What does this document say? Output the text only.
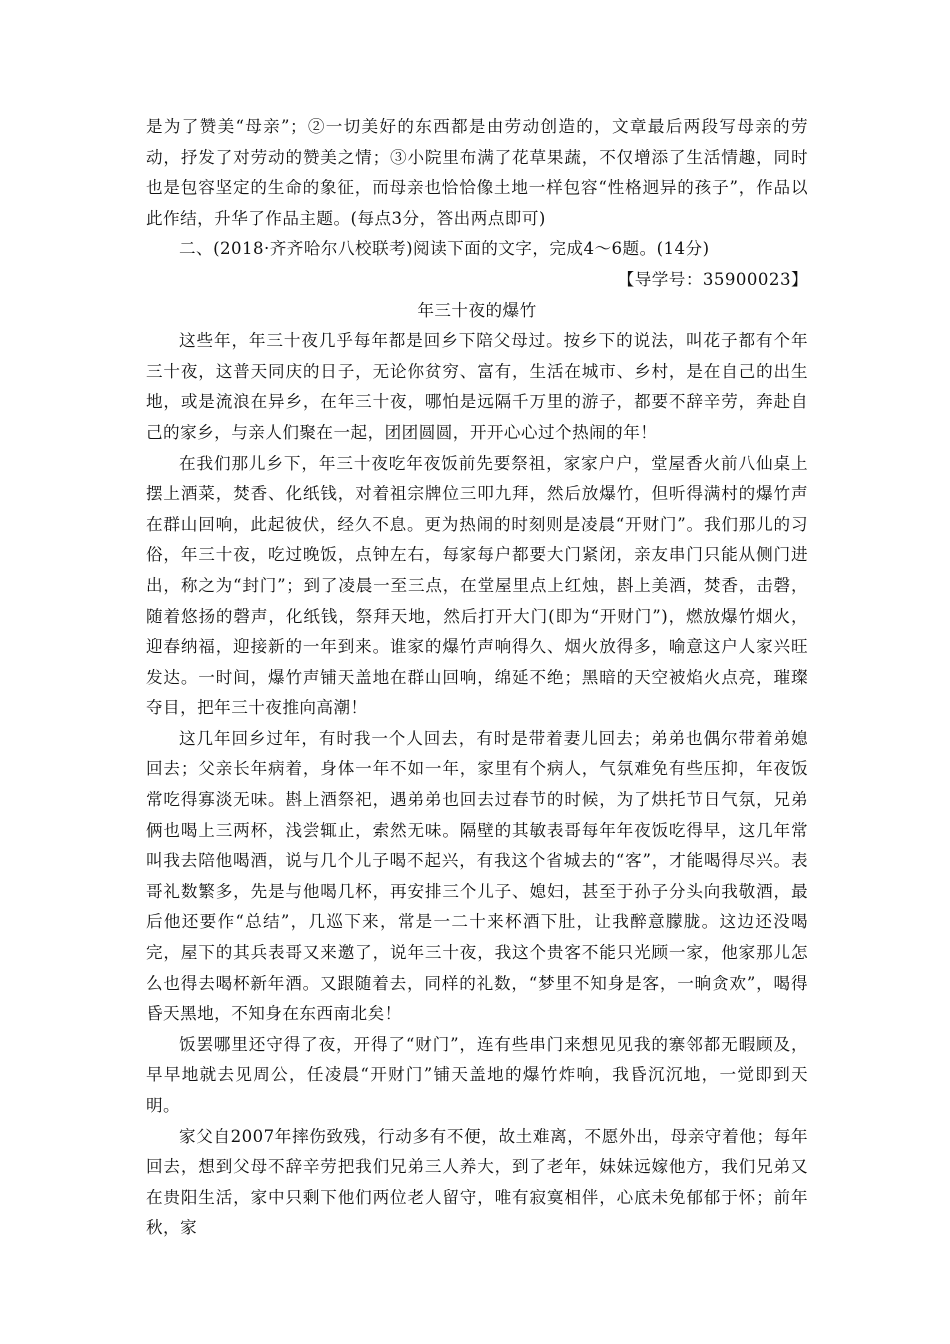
是为了赞美“母亲”；②一切美好的东西都是由劳动创造的，文章最后两段写母亲的劳动，抒发了对劳动的赞美之情；③小院里布满了花草果蔬，不仅增添了生活情趣，同时也是包容坚定的生命的象征，而母亲也恰恰像土地一样包容“性格迥异的孩子”，作品以此作结，升华了作品主题。(每点3分，答出两点即可)

二、(2018·齐齐哈尔八校联考)阅读下面的文字，完成4～6题。(14分)

【导学号：35900023】

年三十夜的爆竹

这些年，年三十夜几乎每年都是回乡下陪父母过。按乡下的说法，叫花子都有个年三十夜，这普天同庆的日子，无论你贫穷、富有，生活在城市、乡村，是在自己的出生地，或是流浪在异乡，在年三十夜，哪怕是远隔千万里的游子，都要不辞辛劳，奔赴自己的家乡，与亲人们聚在一起，团团圆圆，开开心心过个热闹的年！

在我们那儿乡下，年三十夜吃年夜饭前先要祭祖，家家户户，堂屋香火前八仙桌上摆上酒菜，焚香、化纸钱，对着祖宗牌位三叩九拜，然后放爆竹，但听得满村的爆竹声在群山回响，此起彼伏，经久不息。更为热闹的时刻则是凌晨“开财门”。我们那儿的习俗，年三十夜，吃过晚饭，点钟左右，每家每户都要大门紧闭，亲友串门只能从侧门进出，称之为“封门”；到了凌晨一至三点，在堂屋里点上红烛，斟上美酒，焚香，击磬，随着悠扬的磬声，化纸钱，祭拜天地，然后打开大门(即为“开财门”)，燃放爆竹烟火，迎春纳福，迎接新的一年到来。谁家的爆竹声响得久、烟火放得多，喻意这户人家兴旺发达。一时间，爆竹声铺天盖地在群山回响，绵延不绝；黑暗的天空被焰火点亮，璀璨夺目，把年三十夜推向高潮！

这几年回乡过年，有时我一个人回去，有时是带着妻儿回去；弟弟也偶尔带着弟媳回去；父亲长年病着，身体一年不如一年，家里有个病人，气氛难免有些压抑，年夜饭常吃得寡淡无味。斟上酒祭祀，遇弟弟也回去过春节的时候，为了烘托节日气氛，兄弟俩也喝上三两杯，浅尝辄止，索然无味。隔壁的其敏表哥每年年夜饭吃得早，这几年常叫我去陪他喝酒，说与几个儿子喝不起兴，有我这个省城去的“客”，才能喝得尽兴。表哥礼数繁多，先是与他喝几杯，再安排三个儿子、媳妇，甚至于孙子分头向我敬酒，最后他还要作“总结”，几巡下来，常是一二十来杯酒下肚，让我醉意朦胧。这边还没喝完，屋下的其兵表哥又来邀了，说年三十夜，我这个贵客不能只光顾一家，他家那儿怎么也得去喝杯新年酒。又跟随着去，同样的礼数，“梦里不知身是客，一晌贪欢”，喝得昏天黑地，不知身在东西南北矣！

饭罢哪里还守得了夜，开得了“财门”，连有些串门来想见见我的寨邻都无暇顾及，早早地就去见周公，任凌晨“开财门”铺天盖地的爆竹炸响，我昏沉沉地，一觉即到天明。

家父自2007年摔伤致残，行动多有不便，故土难离，不愿外出，母亲守着他；每年回去，想到父母不辞辛劳把我们兄弟三人养大，到了老年，妹妹远嫁他方，我们兄弟又在贵阳生活，家中只剩下他们两位老人留守，唯有寂寞相伴，心底未免郁郁于怀；前年秋，家
